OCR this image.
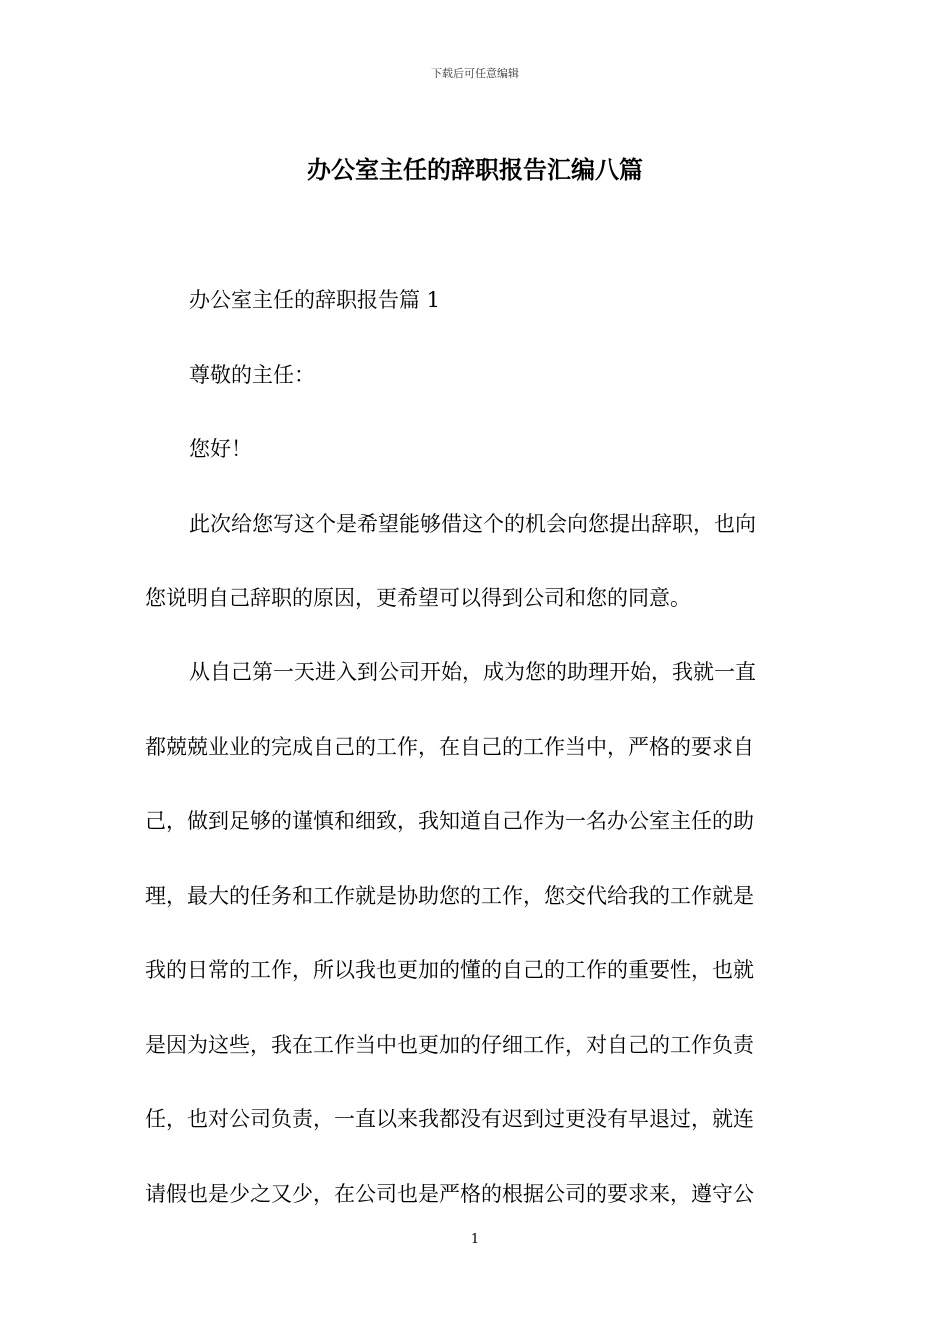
下载后可任意编辑
办公室主任的辞职报告汇编八篇
办公室主任的辞职报告篇 1
尊敬的主任：
您好！
此次给您写这个是希望能够借这个的机会向您提出辞职，也向
您说明自己辞职的原因，更希望可以得到公司和您的同意。
从自己第一天进入到公司开始，成为您的助理开始，我就一直
都兢兢业业的完成自己的工作，在自己的工作当中，严格的要求自
己，做到足够的谨慎和细致，我知道自己作为一名办公室主任的助
理，最大的任务和工作就是协助您的工作，您交代给我的工作就是
我的日常的工作，所以我也更加的懂的自己的工作的重要性，也就
是因为这些，我在工作当中也更加的仔细工作，对自己的工作负责
任，也对公司负责，一直以来我都没有迟到过更没有早退过，就连
请假也是少之又少，在公司也是严格的根据公司的要求来，遵守公
1
